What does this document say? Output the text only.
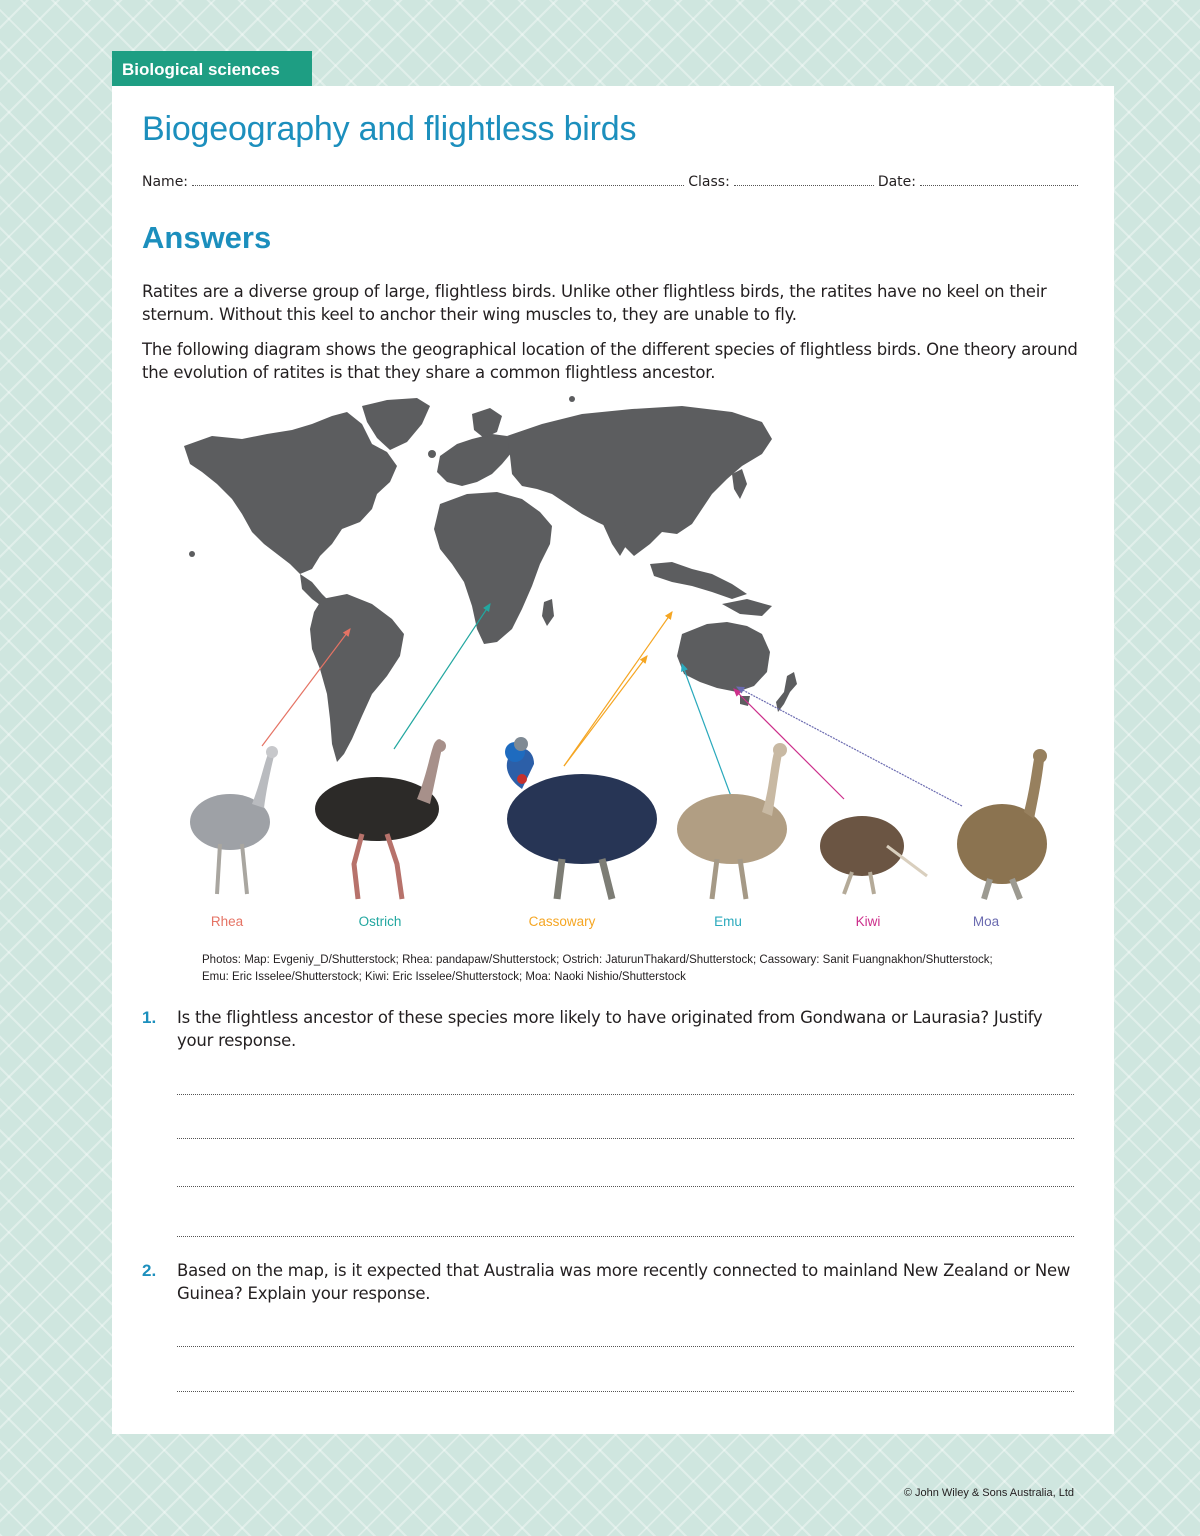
Biological sciences
Biogeography and flightless birds
Name:	Class:	Date:
Answers

Ratites are a diverse group of large, flightless birds. Unlike other flightless birds, the ratites have no keel on their sternum. Without this keel to anchor their wing muscles to, they are unable to fly.

The following diagram shows the geographical location of the different species of flightless birds. One theory around the evolution of ratites is that they share a common flightless ancestor.

Rhea	Ostrich	Cassowary	Emu	Kiwi	Moa

Photos: Map: Evgeniy_D/Shutterstock; Rhea: pandapaw/Shutterstock; Ostrich: JaturunThakard/Shutterstock; Cassowary: Sanit Fuangnakhon/Shutterstock; Emu: Eric Isselee/Shutterstock; Kiwi: Eric Isselee/Shutterstock; Moa: Naoki Nishio/Shutterstock

1. Is the flightless ancestor of these species more likely to have originated from Gondwana or Laurasia? Justify your response.

2. Based on the map, is it expected that Australia was more recently connected to mainland New Zealand or New Guinea? Explain your response.

© John Wiley & Sons Australia, Ltd
